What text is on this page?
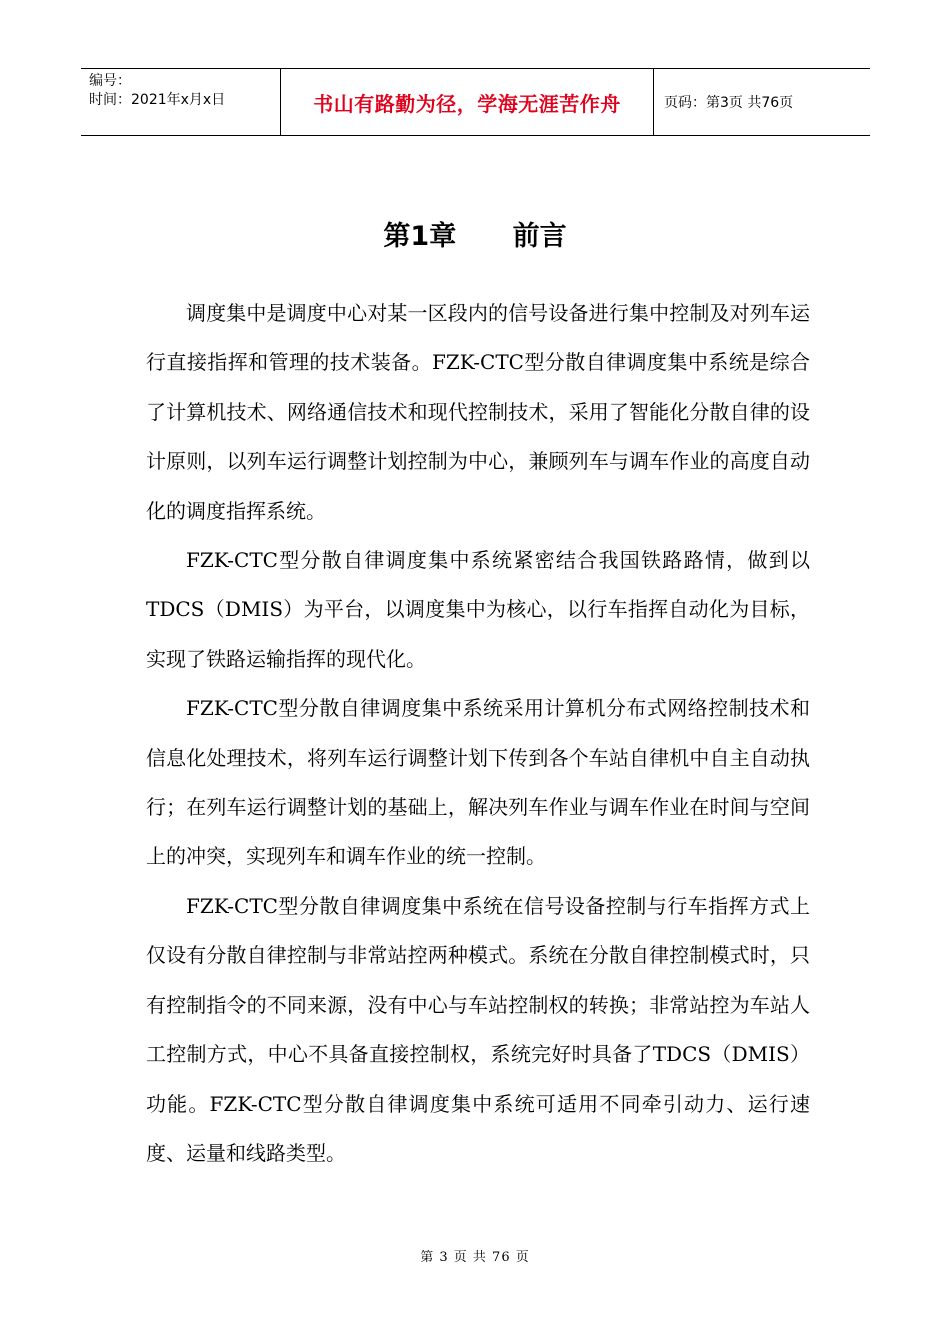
编号：
时间：2021年x月x日	书山有路勤为径，学海无涯苦作舟	页码：第3页 共76页
第1章      前言

调度集中是调度中心对某一区段内的信号设备进行集中控制及对列车运行直接指挥和管理的技术装备。FZK-CTC型分散自律调度集中系统是综合了计算机技术、网络通信技术和现代控制技术，采用了智能化分散自律的设计原则，以列车运行调整计划控制为中心，兼顾列车与调车作业的高度自动化的调度指挥系统。

FZK-CTC型分散自律调度集中系统紧密结合我国铁路路情，做到以TDCS（DMIS）为平台，以调度集中为核心，以行车指挥自动化为目标，实现了铁路运输指挥的现代化。

FZK-CTC型分散自律调度集中系统采用计算机分布式网络控制技术和信息化处理技术，将列车运行调整计划下传到各个车站自律机中自主自动执行；在列车运行调整计划的基础上，解决列车作业与调车作业在时间与空间上的冲突，实现列车和调车作业的统一控制。

FZK-CTC型分散自律调度集中系统在信号设备控制与行车指挥方式上仅设有分散自律控制与非常站控两种模式。系统在分散自律控制模式时，只有控制指令的不同来源，没有中心与车站控制权的转换；非常站控为车站人工控制方式，中心不具备直接控制权，系统完好时具备了TDCS（DMIS）功能。FZK-CTC型分散自律调度集中系统可适用不同牵引动力、运行速度、运量和线路类型。

第 3 页 共 76 页
